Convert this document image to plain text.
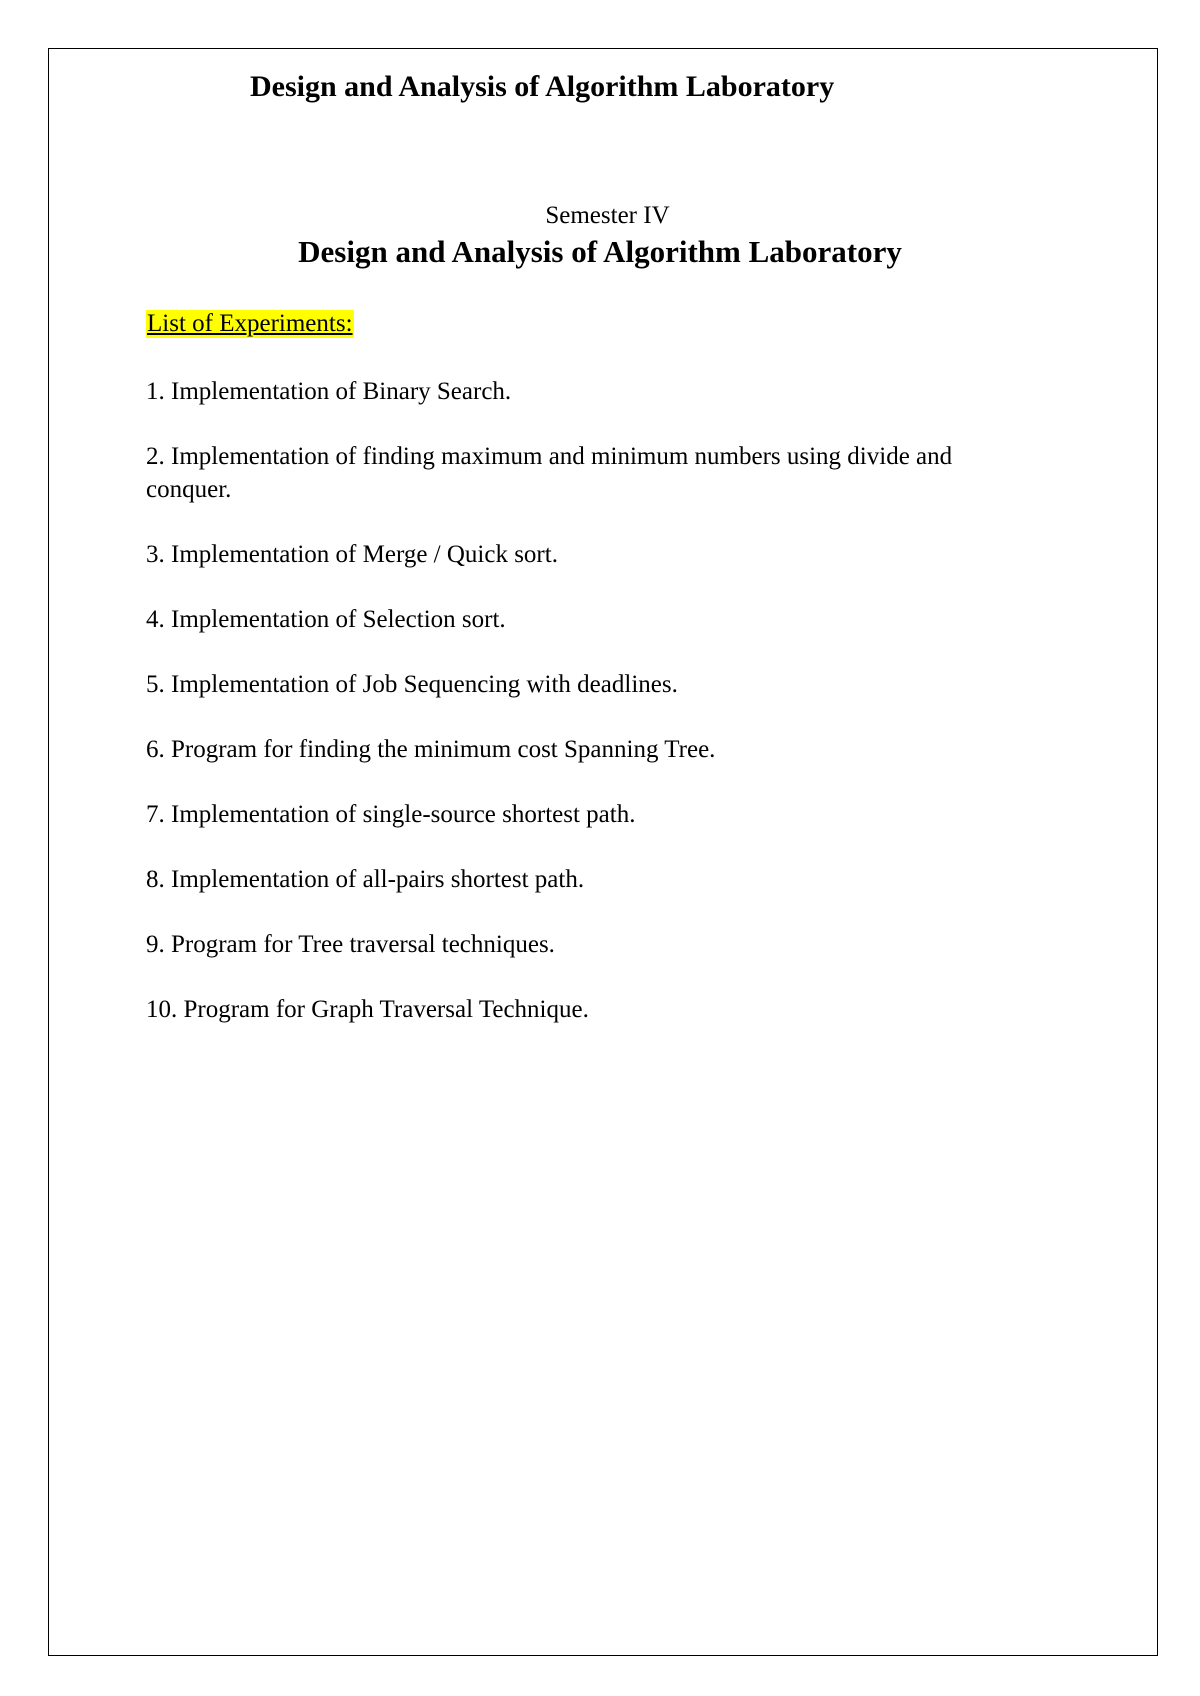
Design and Analysis of Algorithm Laboratory
Semester IV
Design and Analysis of Algorithm Laboratory
List of Experiments:
1. Implementation of Binary Search.
2. Implementation of finding maximum and minimum numbers using divide and conquer.
3. Implementation of Merge / Quick sort.
4. Implementation of Selection sort.
5. Implementation of Job Sequencing with deadlines.
6. Program for finding the minimum cost Spanning Tree.
7. Implementation of single-source shortest path.
8. Implementation of all-pairs shortest path.
9. Program for Tree traversal techniques.
10. Program for Graph Traversal Technique.
